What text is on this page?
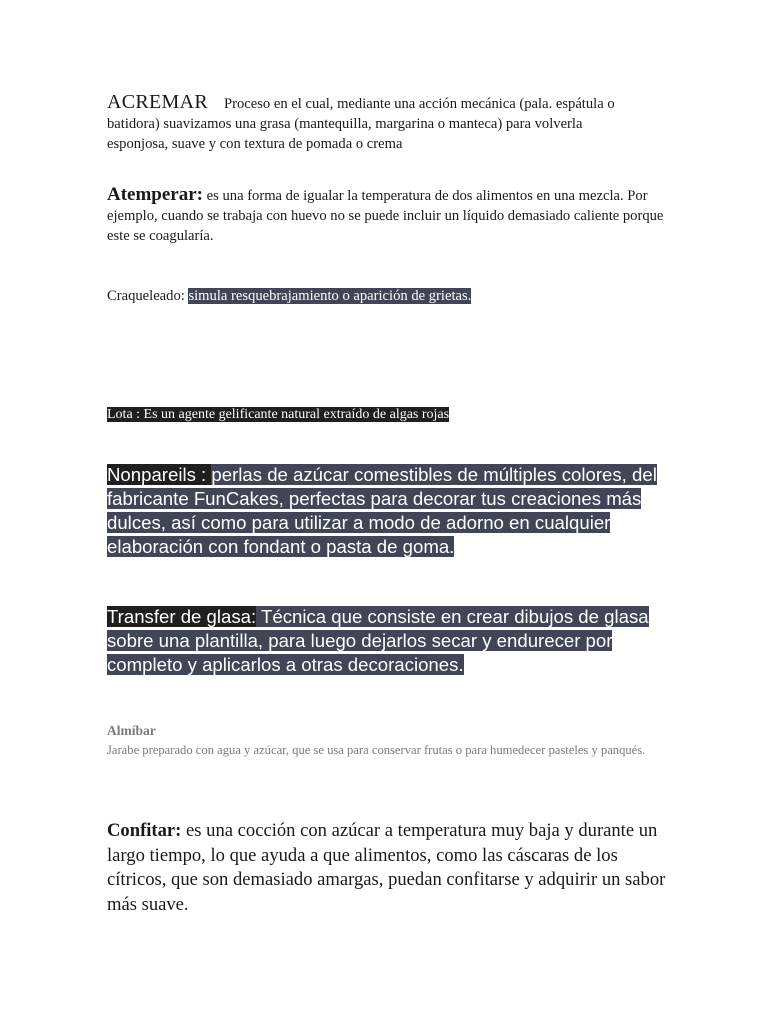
ACREMAR Proceso en el cual, mediante una acción mecánica (pala. espátula o batidora) suavizamos una grasa (mantequilla, margarina o manteca) para volverla esponjosa, suave y con textura de pomada o crema
Atemperar: es una forma de igualar la temperatura de dos alimentos en una mezcla. Por ejemplo, cuando se trabaja con huevo no se puede incluir un líquido demasiado caliente porque este se coagularía.
Craqueleado: simula resquebrajamiento o aparición de grietas.
Lota : Es un agente gelificante natural extraído de algas rojas
Nonpareils : perlas de azúcar comestibles de múltiples colores, del fabricante FunCakes, perfectas para decorar tus creaciones más dulces, así como para utilizar a modo de adorno en cualquier elaboración con fondant o pasta de goma.
Transfer de glasa: Técnica que consiste en crear dibujos de glasa sobre una plantilla, para luego dejarlos secar y endurecer por completo y aplicarlos a otras decoraciones.
Almíbar
Jarabe preparado con agua y azúcar, que se usa para conservar frutas o para humedecer pasteles y panqués.
Confitar: es una cocción con azúcar a temperatura muy baja y durante un largo tiempo, lo que ayuda a que alimentos, como las cáscaras de los cítricos, que son demasiado amargas, puedan confitarse y adquirir un sabor más suave.
